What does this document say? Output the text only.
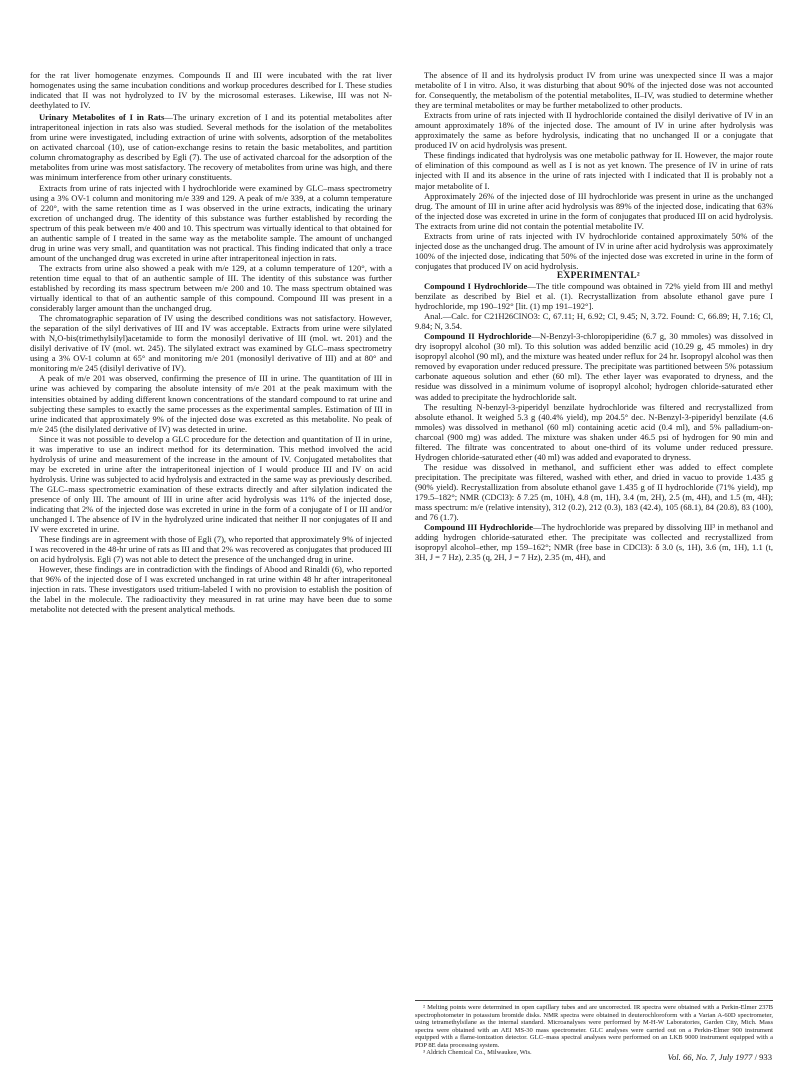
for the rat liver homogenate enzymes. Compounds II and III were incubated with the rat liver homogenates using the same incubation conditions and workup procedures described for I. These studies indicated that II was not hydrolyzed to IV by the microsomal esterases. Likewise, III was not N-deethylated to IV.

Urinary Metabolites of I in Rats—The urinary excretion of I and its potential metabolites after intraperitoneal injection in rats also was studied. Several methods for the isolation of the metabolites from urine were investigated, including extraction of urine with solvents, adsorption of the metabolites on activated charcoal (10), use of cation-exchange resins to retain the basic metabolites, and partition column chromatography as described by Egli (7). The use of activated charcoal for the adsorption of the metabolites from urine was most satisfactory. The recovery of metabolites from urine was high, and there was minimum interference from other urinary constituents.

Extracts from urine of rats injected with I hydrochloride were examined by GLC–mass spectrometry using a 3% OV-1 column and monitoring m/e 339 and 129. A peak of m/e 339, at a column temperature of 220°, with the same retention time as I was observed in the urine extracts, indicating the urinary excretion of unchanged drug. The identity of this substance was further established by recording the spectrum of this peak between m/e 400 and 10. This spectrum was virtually identical to that obtained for an authentic sample of I treated in the same way as the metabolite sample. The amount of unchanged drug in urine was very small, and quantitation was not practical. This finding indicated that only a trace amount of the unchanged drug was excreted in urine after intraperitoneal injection in rats.

The extracts from urine also showed a peak with m/e 129, at a column temperature of 120°, with a retention time equal to that of an authentic sample of III. The identity of this substance was further established by recording its mass spectrum between m/e 200 and 10. The mass spectrum obtained was virtually identical to that of an authentic sample of this compound. Compound III was present in a considerably larger amount than the unchanged drug.

The chromatographic separation of IV using the described conditions was not satisfactory. However, the separation of the silyl derivatives of III and IV was acceptable. Extracts from urine were silylated with N,O-bis(trimethylsilyl)acetamide to form the monosilyl derivative of III (mol. wt. 201) and the disilyl derivative of IV (mol. wt. 245). The silylated extract was examined by GLC–mass spectrometry using a 3% OV-1 column at 65° and monitoring m/e 201 (monosilyl derivative of III) and at 80° and monitoring m/e 245 (disilyl derivative of IV).

A peak of m/e 201 was observed, confirming the presence of III in urine. The quantitation of III in urine was achieved by comparing the absolute intensity of m/e 201 at the peak maximum with the intensities obtained by adding different known concentrations of the standard compound to rat urine and subjecting these samples to exactly the same processes as the experimental samples. Estimation of III in urine indicated that approximately 9% of the injected dose was excreted as this metabolite. No peak of m/e 245 (the disilylated derivative of IV) was detected in urine.

Since it was not possible to develop a GLC procedure for the detection and quantitation of II in urine, it was imperative to use an indirect method for its determination. This method involved the acid hydrolysis of urine and measurement of the increase in the amount of IV. Conjugated metabolites that may be excreted in urine after the intraperitoneal injection of I would produce III and IV on acid hydrolysis. Urine was subjected to acid hydrolysis and extracted in the same way as previously described. The GLC–mass spectrometric examination of these extracts directly and after silylation indicated the presence of only III. The amount of III in urine after acid hydrolysis was 11% of the injected dose, indicating that 2% of the injected dose was excreted in urine in the form of a conjugate of I or III and/or unchanged I. The absence of IV in the hydrolyzed urine indicated that neither II nor conjugates of II and IV were excreted in urine.

These findings are in agreement with those of Egli (7), who reported that approximately 9% of injected I was recovered in the 48-hr urine of rats as III and that 2% was recovered as conjugates that produced III on acid hydrolysis. Egli (7) was not able to detect the presence of the unchanged drug in urine.

However, these findings are in contradiction with the findings of Abood and Rinaldi (6), who reported that 96% of the injected dose of I was excreted unchanged in rat urine within 48 hr after intraperitoneal injection in rats. These investigators used tritium-labeled I with no provision to establish the position of the label in the molecule. The radioactivity they measured in rat urine may have been due to some metabolite not detected with the present analytical methods.

The absence of II and its hydrolysis product IV from urine was unexpected since II was a major metabolite of I in vitro. Also, it was disturbing that about 90% of the injected dose was not accounted for. Consequently, the metabolism of the potential metabolites, II–IV, was studied to determine whether they are terminal metabolites or may be further metabolized to other products.

Extracts from urine of rats injected with II hydrochloride contained the disilyl derivative of IV in an amount approximately 18% of the injected dose. The amount of IV in urine after hydrolysis was approximately the same as before hydrolysis, indicating that no unchanged II or a conjugate that produced IV on acid hydrolysis was present.

These findings indicated that hydrolysis was one metabolic pathway for II. However, the major route of elimination of this compound as well as I is not as yet known. The presence of IV in urine of rats injected with II and its absence in the urine of rats injected with I indicated that II is probably not a major metabolite of I.

Approximately 26% of the injected dose of III hydrochloride was present in urine as the unchanged drug. The amount of III in urine after acid hydrolysis was 89% of the injected dose, indicating that 63% of the injected dose was excreted in urine in the form of conjugates that produced III on acid hydrolysis. The extracts from urine did not contain the potential metabolite IV.

Extracts from urine of rats injected with IV hydrochloride contained approximately 50% of the injected dose as the unchanged drug. The amount of IV in urine after acid hydrolysis was approximately 100% of the injected dose, indicating that 50% of the injected dose was excreted in urine in the form of conjugates that produced IV on acid hydrolysis.

EXPERIMENTAL²

Compound I Hydrochloride—The title compound was obtained in 72% yield from III and methyl benzilate as described by Biel et al. (1). Recrystallization from absolute ethanol gave pure I hydrochloride, mp 190–192° [lit. (1) mp 191–192°].

Anal.—Calc. for C21H26ClNO3: C, 67.11; H, 6.92; Cl, 9.45; N, 3.72. Found: C, 66.89; H, 7.16; Cl, 9.84; N, 3.54.

Compound II Hydrochloride—N-Benzyl-3-chloropiperidine (6.7 g, 30 mmoles) was dissolved in dry isopropyl alcohol (30 ml). To this solution was added benzilic acid (10.29 g, 45 mmoles) in dry isopropyl alcohol (90 ml), and the mixture was heated under reflux for 24 hr. Isopropyl alcohol was then removed by evaporation under reduced pressure. The precipitate was partitioned between 5% potassium carbonate aqueous solution and ether (60 ml). The ether layer was evaporated to dryness, and the residue was dissolved in a minimum volume of isopropyl alcohol; hydrogen chloride-saturated ether was added to precipitate the hydrochloride salt.

The resulting N-benzyl-3-piperidyl benzilate hydrochloride was filtered and recrystallized from absolute ethanol. It weighed 5.3 g (40.4% yield), mp 204.5° dec. N-Benzyl-3-piperidyl benzilate (4.6 mmoles) was dissolved in methanol (60 ml) containing acetic acid (0.4 ml), and 5% palladium-on-charcoal (900 mg) was added. The mixture was shaken under 46.5 psi of hydrogen for 90 min and filtered. The filtrate was concentrated to about one-third of its volume under reduced pressure. Hydrogen chloride-saturated ether (40 ml) was added and evaporated to dryness.

The residue was dissolved in methanol, and sufficient ether was added to effect complete precipitation. The precipitate was filtered, washed with ether, and dried in vacuo to provide 1.435 g (90% yield). Recrystallization from absolute ethanol gave 1.435 g of II hydrochloride (71% yield), mp 179.5–182°; NMR (CDCl3): δ 7.25 (m, 10H), 4.8 (m, 1H), 3.4 (m, 2H), 2.5 (m, 4H), and 1.5 (m, 4H); mass spectrum: m/e (relative intensity), 312 (0.2), 212 (0.3), 183 (42.4), 105 (68.1), 84 (20.8), 83 (100), and 76 (1.7).

Compound III Hydrochloride—The hydrochloride was prepared by dissolving III³ in methanol and adding hydrogen chloride-saturated ether. The precipitate was collected and recrystallized from isopropyl alcohol–ether, mp 159–162°; NMR (free base in CDCl3): δ 3.0 (s, 1H), 3.6 (m, 1H), 1.1 (t, 3H, J = 7 Hz), 2.35 (q, 2H, J = 7 Hz), 2.35 (m, 4H), and

² Melting points were determined in open capillary tubes and are uncorrected. IR spectra were obtained with a Perkin-Elmer 237B spectrophotometer in potassium bromide disks. NMR spectra were obtained in deuterochloroform with a Varian A-60D spectrometer, using tetramethylsilane as the internal standard. Microanalyses were performed by M-H-W Laboratories, Garden City, Mich. Mass spectra were obtained with an AEI MS-30 mass spectrometer. GLC analyses were carried out on a Perkin-Elmer 900 instrument equipped with a flame-ionization detector. GLC–mass spectral analyses were performed on an LKB 9000 instrument equipped with a PDP 8E data processing system.

³ Aldrich Chemical Co., Milwaukee, Wis.	Vol. 66, No. 7, July 1977 / 933
